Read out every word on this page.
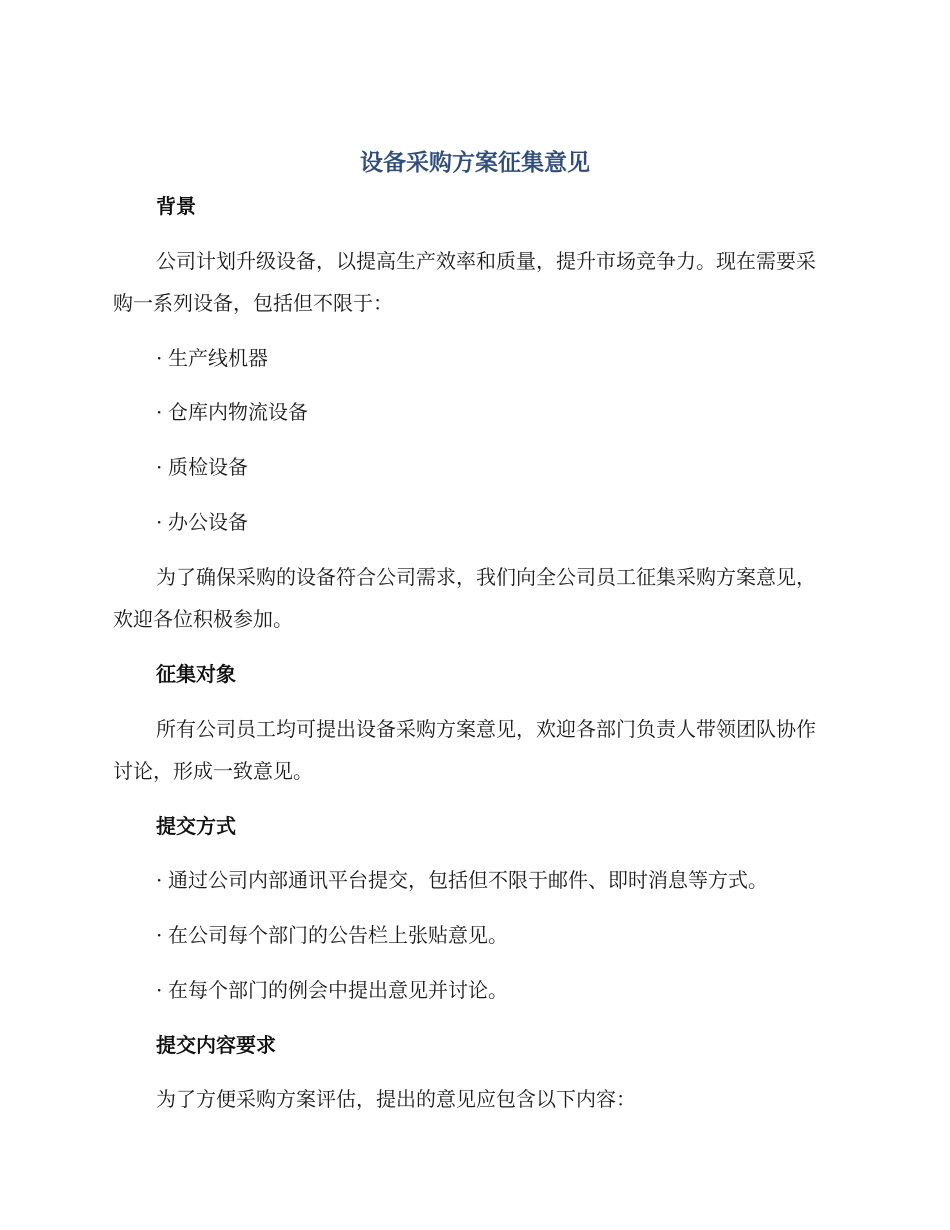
设备采购方案征集意见
背景
公司计划升级设备，以提高生产效率和质量，提升市场竞争力。现在需要采购一系列设备，包括但不限于：
· 生产线机器
· 仓库内物流设备
· 质检设备
· 办公设备
为了确保采购的设备符合公司需求，我们向全公司员工征集采购方案意见，欢迎各位积极参加。
征集对象
所有公司员工均可提出设备采购方案意见，欢迎各部门负责人带领团队协作讨论，形成一致意见。
提交方式
· 通过公司内部通讯平台提交，包括但不限于邮件、即时消息等方式。
· 在公司每个部门的公告栏上张贴意见。
· 在每个部门的例会中提出意见并讨论。
提交内容要求
为了方便采购方案评估，提出的意见应包含以下内容：
